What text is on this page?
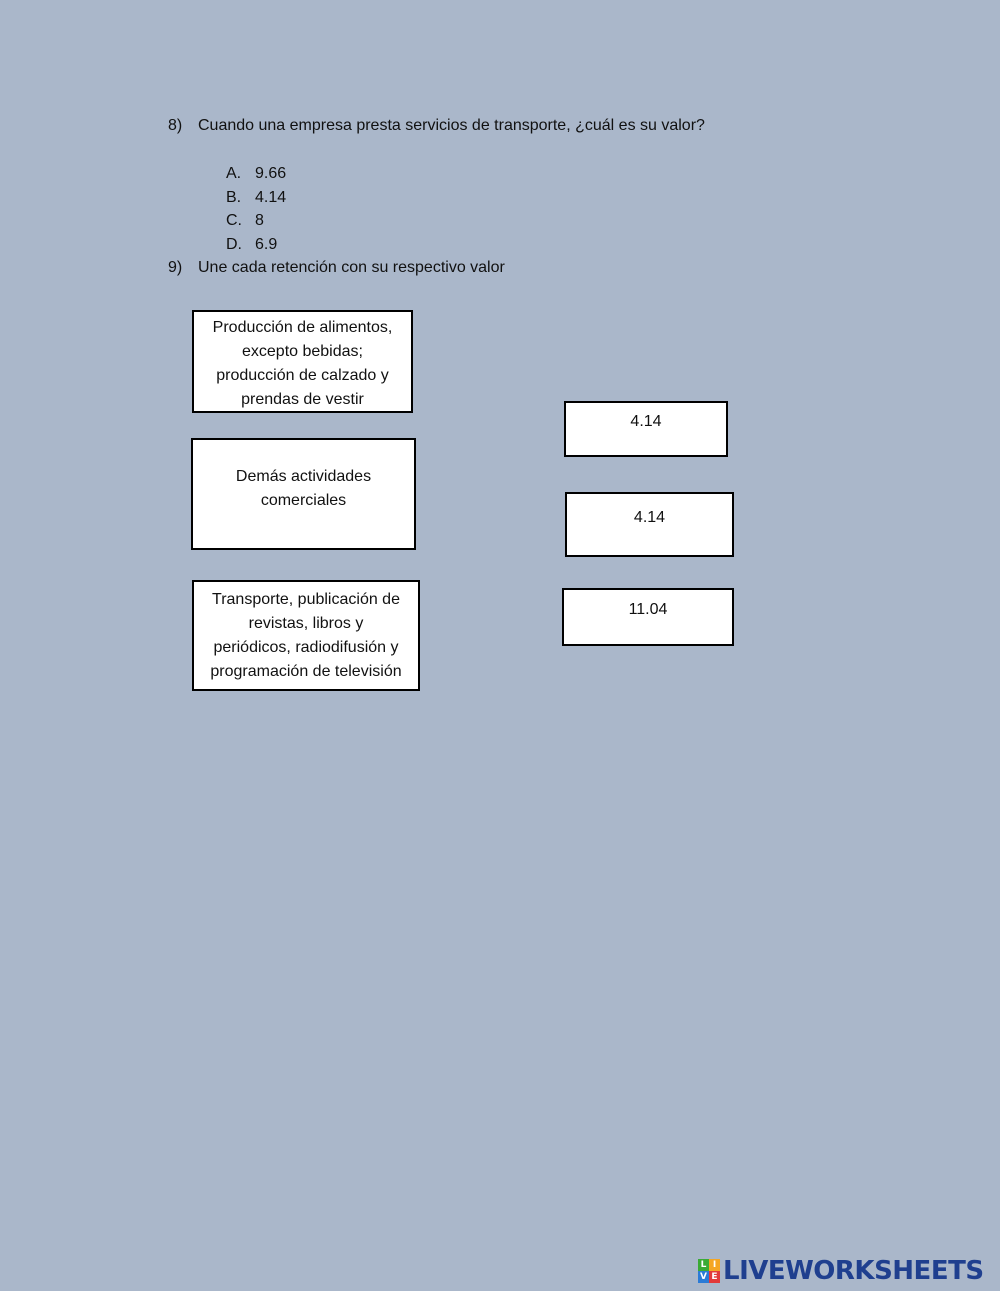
8) Cuando una empresa presta servicios de transporte, ¿cuál es su valor?
A. 9.66
B. 4.14
C. 8
D. 6.9
9) Une cada retención con su respectivo valor
Producción de alimentos,
excepto bebidas;
producción de calzado y
prendas de vestir
Demás actividades
comerciales
Transporte, publicación de
revistas, libros y
periódicos, radiodifusión y
programación de televisión
4.14
4.14
11.04
L I
V E LIVEWORKSHEETS
